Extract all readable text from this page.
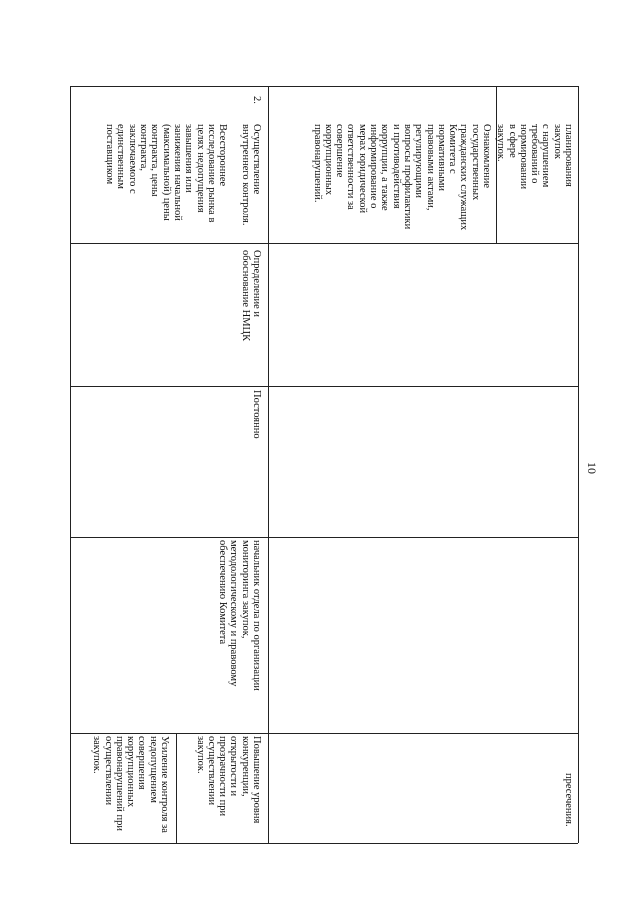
10
планирования закупок
с нарушением
требований о
нормировании в сфере
закупок.
Ознакомление
государственных
гражданских служащих
Комитета с
нормативными
правовыми актами,
регулирующими
вопросы профилактики
и противодействия
коррупции, а также
информирование о
мерах юридической
ответственности за
совершение
коррупционных
правонарушений.
пресечения.
2.
Осуществление
внутреннего контроля.

Всестороннее
исследование рынка в
целях недопущения
завышения или
занижения начальной
(максимальной) цены
контракта, цены
контракта,
заключаемого с
единственным
поставщиком
Определение и
обоснование НМЦК
Постоянно
начальник отдела по организации
мониторинга закупок,
методологическому и правовому
обеспечению Комитета
Повышение уровня
конкуренции,
открытости и
прозрачности при
осуществлении
закупок.
Усиление контроля за
недопущением
совершения
коррупционных
правонарушений при
осуществлении
закупок.
